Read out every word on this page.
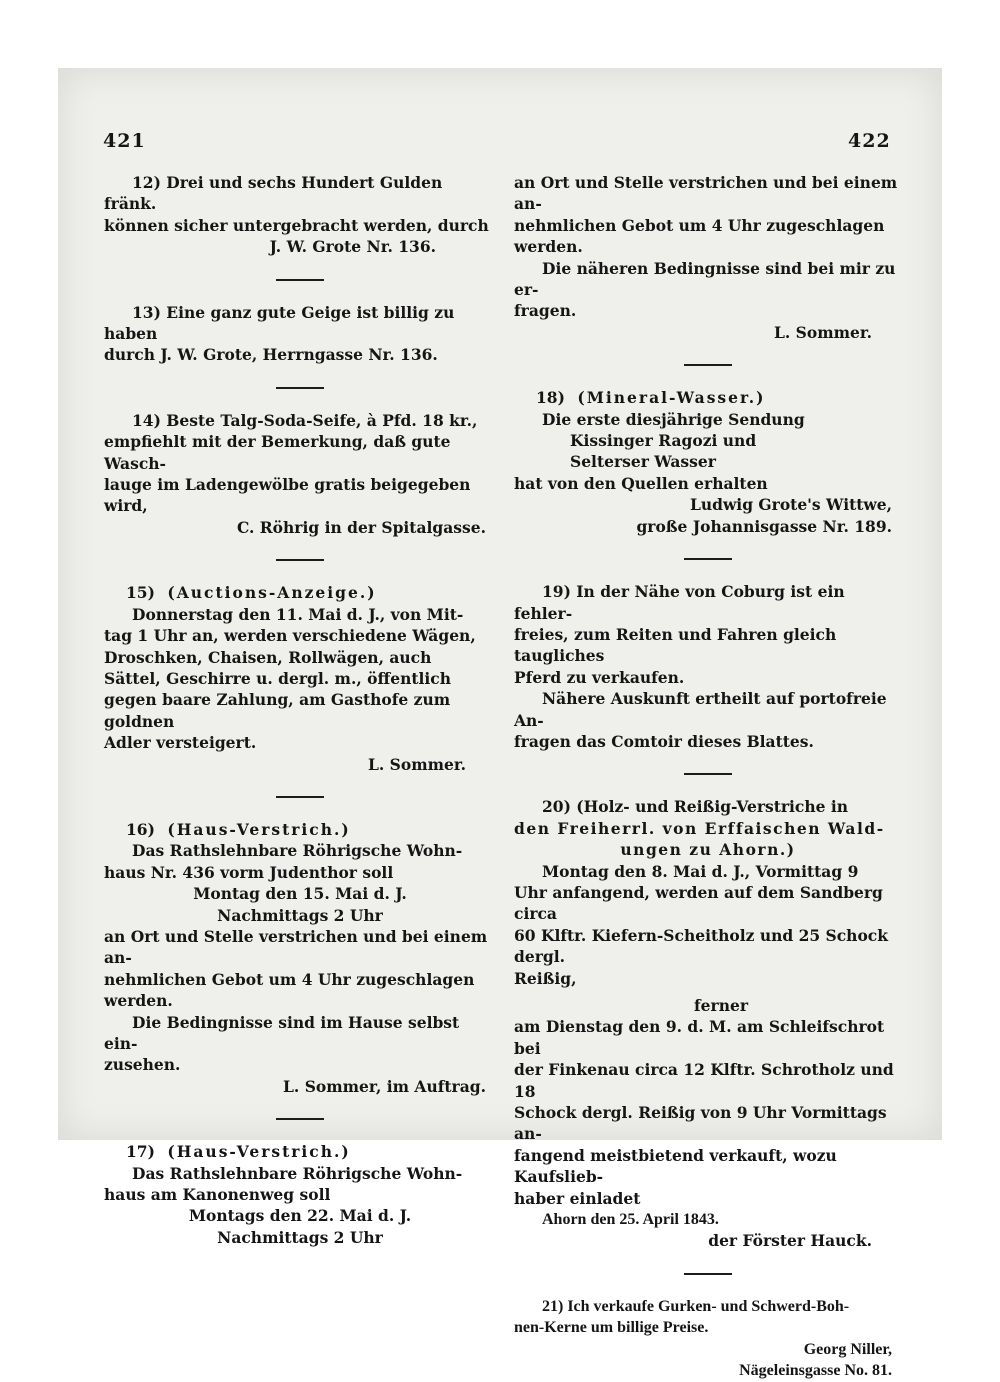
421	422

12) Drei und sechs Hundert Gulden fränk.

können sicher untergebracht werden, durch

J. W. Grote Nr. 136.

13) Eine ganz gute Geige ist billig zu haben

durch J. W. Grote, Herrngasse Nr. 136.

14) Beste Talg-Soda-Seife, à Pfd. 18 kr.,

empfiehlt mit der Bemerkung, daß gute Wasch-

lauge im Ladengewölbe gratis beigegeben wird,

C. Röhrig in der Spitalgasse.

15) (Auctions-Anzeige.)

Donnerstag den 11. Mai d. J., von Mit-

tag 1 Uhr an, werden verschiedene Wägen,

Droschken, Chaisen, Rollwägen, auch

Sättel, Geschirre u. dergl. m., öffentlich

gegen baare Zahlung, am Gasthofe zum goldnen

Adler versteigert.

L. Sommer.

16) (Haus-Verstrich.)

Das Rathslehnbare Röhrigsche Wohn-

haus Nr. 436 vorm Judenthor soll

Montag den 15. Mai d. J.

Nachmittags 2 Uhr

an Ort und Stelle verstrichen und bei einem an-

nehmlichen Gebot um 4 Uhr zugeschlagen werden.

Die Bedingnisse sind im Hause selbst ein-

zusehen.

L. Sommer, im Auftrag.

17) (Haus-Verstrich.)

Das Rathslehnbare Röhrigsche Wohn-

haus am Kanonenweg soll

Montags den 22. Mai d. J.

Nachmittags 2 Uhr

an Ort und Stelle verstrichen und bei einem an-

nehmlichen Gebot um 4 Uhr zugeschlagen werden.

Die näheren Bedingnisse sind bei mir zu er-

fragen.

L. Sommer.

18) (Mineral-Wasser.)

Die erste diesjährige Sendung

Kissinger Ragozi und

Selterser Wasser

hat von den Quellen erhalten

Ludwig Grote's Wittwe,

große Johannisgasse Nr. 189.

19) In der Nähe von Coburg ist ein fehler-

freies, zum Reiten und Fahren gleich taugliches

Pferd zu verkaufen.

Nähere Auskunft ertheilt auf portofreie An-

fragen das Comtoir dieses Blattes.

20) (Holz- und Reißig-Verstriche in

den Freiherrl. von Erffaischen Wald-

ungen zu Ahorn.)

Montag den 8. Mai d. J., Vormittag 9

Uhr anfangend, werden auf dem Sandberg circa

60 Klftr. Kiefern-Scheitholz und 25 Schock dergl.

Reißig,

ferner

am Dienstag den 9. d. M. am Schleifschrot bei

der Finkenau circa 12 Klftr. Schrotholz und 18

Schock dergl. Reißig von 9 Uhr Vormittags an-

fangend meistbietend verkauft, wozu Kaufslieb-

haber einladet

Ahorn den 25. April 1843.

der Förster Hauck.

21) Ich verkaufe Gurken- und Schwerd-Boh-

nen-Kerne um billige Preise.

Georg Niller,

Nägeleinsgasse No. 81.
